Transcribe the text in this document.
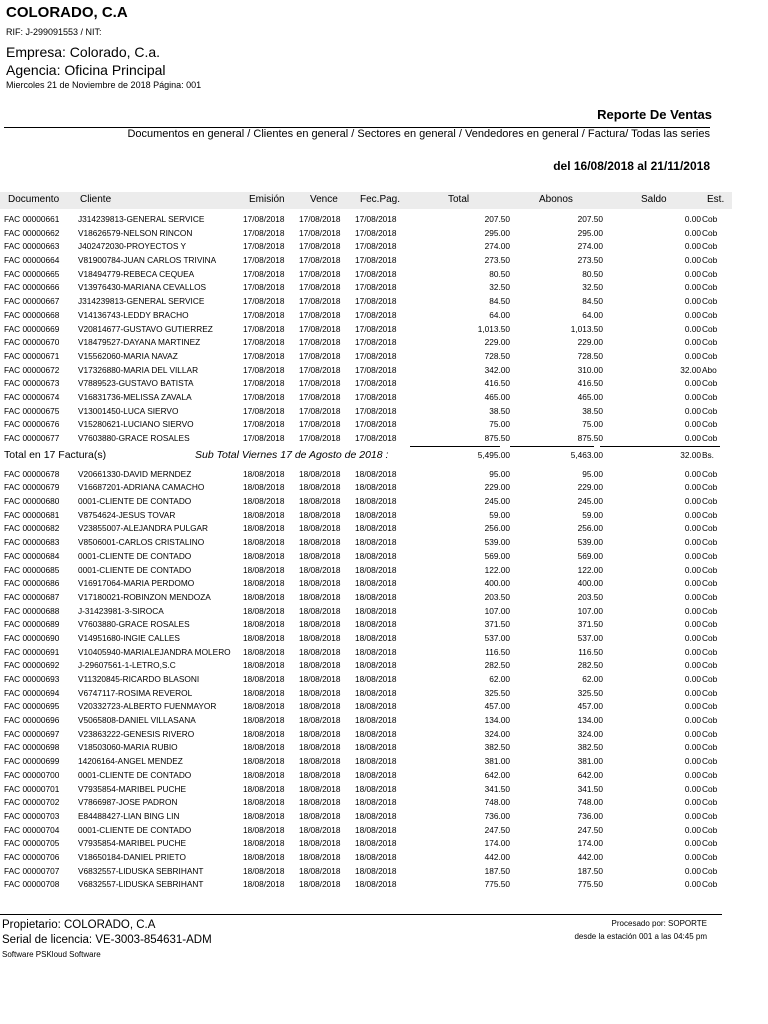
COLORADO, C.A
RIF: J-299091553 / NIT:
Empresa: Colorado, C.a.
Agencia: Oficina Principal
Miercoles 21 de Noviembre de 2018 Página: 001
Reporte De Ventas
Documentos en general / Clientes en general / Sectores en general / Vendedores en general / Factura/ Todas las series
del 16/08/2018 al 21/11/2018
Documento Cliente	Emisión	Vence Fec.Pag.	Total	Abonos	Saldo	Est.
FAC 00000661 J314239813-GENERAL SERVICE	17/08/2018 17/08/2018 17/08/2018	207.50	207.50	0.00 Cob
FAC 00000662 V18626579-NELSON RINCON	17/08/2018 17/08/2018 17/08/2018	295.00	295.00	0.00 Cob
FAC 00000663 J402472030-PROYECTOS Y	17/08/2018 17/08/2018 17/08/2018	274.00	274.00	0.00 Cob
FAC 00000664 V81900784-JUAN CARLOS TRIVINA	17/08/2018 17/08/2018 17/08/2018	273.50	273.50	0.00 Cob
FAC 00000665 V18494779-REBECA CEQUEA	17/08/2018 17/08/2018 17/08/2018	80.50	80.50	0.00 Cob
FAC 00000666 V13976430-MARIANA CEVALLOS	17/08/2018 17/08/2018 17/08/2018	32.50	32.50	0.00 Cob
FAC 00000667 J314239813-GENERAL SERVICE	17/08/2018 17/08/2018 17/08/2018	84.50	84.50	0.00 Cob
FAC 00000668 V14136743-LEDDY BRACHO	17/08/2018 17/08/2018 17/08/2018	64.00	64.00	0.00 Cob
FAC 00000669 V20814677-GUSTAVO GUTIERREZ	17/08/2018 17/08/2018 17/08/2018	1,013.50	1,013.50	0.00 Cob
FAC 00000670 V18479527-DAYANA MARTINEZ	17/08/2018 17/08/2018 17/08/2018	229.00	229.00	0.00 Cob
FAC 00000671 V15562060-MARIA NAVAZ	17/08/2018 17/08/2018 17/08/2018	728.50	728.50	0.00 Cob
FAC 00000672 V17326880-MARIA DEL VILLAR	17/08/2018 17/08/2018 17/08/2018	342.00	310.00	32.00 Abo
FAC 00000673 V7889523-GUSTAVO BATISTA	17/08/2018 17/08/2018 17/08/2018	416.50	416.50	0.00 Cob
FAC 00000674 V16831736-MELISSA ZAVALA	17/08/2018 17/08/2018 17/08/2018	465.00	465.00	0.00 Cob
FAC 00000675 V13001450-LUCA SIERVO	17/08/2018 17/08/2018 17/08/2018	38.50	38.50	0.00 Cob
FAC 00000676 V15280621-LUCIANO SIERVO	17/08/2018 17/08/2018 17/08/2018	75.00	75.00	0.00 Cob
FAC 00000677 V7603880-GRACE ROSALES	17/08/2018 17/08/2018 17/08/2018	875.50	875.50	0.00 Cob
Total en 17 Factura(s)	Sub Total Viernes 17 de Agosto de 2018 :	5,495.00	5,463.00	32.00 Bs.
FAC 00000678 V20661330-DAVID MERNDEZ	18/08/2018 18/08/2018 18/08/2018	95.00	95.00	0.00 Cob
FAC 00000679 V16687201-ADRIANA CAMACHO	18/08/2018 18/08/2018 18/08/2018	229.00	229.00	0.00 Cob
FAC 00000680 0001-CLIENTE DE CONTADO	18/08/2018 18/08/2018 18/08/2018	245.00	245.00	0.00 Cob
FAC 00000681 V8754624-JESUS TOVAR	18/08/2018 18/08/2018 18/08/2018	59.00	59.00	0.00 Cob
FAC 00000682 V23855007-ALEJANDRA PULGAR	18/08/2018 18/08/2018 18/08/2018	256.00	256.00	0.00 Cob
FAC 00000683 V8506001-CARLOS CRISTALINO	18/08/2018 18/08/2018 18/08/2018	539.00	539.00	0.00 Cob
FAC 00000684 0001-CLIENTE DE CONTADO	18/08/2018 18/08/2018 18/08/2018	569.00	569.00	0.00 Cob
FAC 00000685 0001-CLIENTE DE CONTADO	18/08/2018 18/08/2018 18/08/2018	122.00	122.00	0.00 Cob
FAC 00000686 V16917064-MARIA PERDOMO	18/08/2018 18/08/2018 18/08/2018	400.00	400.00	0.00 Cob
FAC 00000687 V17180021-ROBINZON MENDOZA	18/08/2018 18/08/2018 18/08/2018	203.50	203.50	0.00 Cob
FAC 00000688 J-31423981-3-SIROCA	18/08/2018 18/08/2018 18/08/2018	107.00	107.00	0.00 Cob
FAC 00000689 V7603880-GRACE ROSALES	18/08/2018 18/08/2018 18/08/2018	371.50	371.50	0.00 Cob
FAC 00000690 V14951680-INGIE CALLES	18/08/2018 18/08/2018 18/08/2018	537.00	537.00	0.00 Cob
FAC 00000691 V10405940-MARIALEJANDRA MOLERO	18/08/2018 18/08/2018 18/08/2018	116.50	116.50	0.00 Cob
FAC 00000692 J-29607561-1-LETRO,S.C	18/08/2018 18/08/2018 18/08/2018	282.50	282.50	0.00 Cob
FAC 00000693 V11320845-RICARDO BLASONI	18/08/2018 18/08/2018 18/08/2018	62.00	62.00	0.00 Cob
FAC 00000694 V6747117-ROSIMA REVEROL	18/08/2018 18/08/2018 18/08/2018	325.50	325.50	0.00 Cob
FAC 00000695 V20332723-ALBERTO FUENMAYOR	18/08/2018 18/08/2018 18/08/2018	457.00	457.00	0.00 Cob
FAC 00000696 V5065808-DANIEL VILLASANA	18/08/2018 18/08/2018 18/08/2018	134.00	134.00	0.00 Cob
FAC 00000697 V23863222-GENESIS RIVERO	18/08/2018 18/08/2018 18/08/2018	324.00	324.00	0.00 Cob
FAC 00000698 V18503060-MARIA RUBIO	18/08/2018 18/08/2018 18/08/2018	382.50	382.50	0.00 Cob
FAC 00000699 14206164-ANGEL MENDEZ	18/08/2018 18/08/2018 18/08/2018	381.00	381.00	0.00 Cob
FAC 00000700 0001-CLIENTE DE CONTADO	18/08/2018 18/08/2018 18/08/2018	642.00	642.00	0.00 Cob
FAC 00000701 V7935854-MARIBEL PUCHE	18/08/2018 18/08/2018 18/08/2018	341.50	341.50	0.00 Cob
FAC 00000702 V7866987-JOSE PADRON	18/08/2018 18/08/2018 18/08/2018	748.00	748.00	0.00 Cob
FAC 00000703 E84488427-LIAN BING LIN	18/08/2018 18/08/2018 18/08/2018	736.00	736.00	0.00 Cob
FAC 00000704 0001-CLIENTE DE CONTADO	18/08/2018 18/08/2018 18/08/2018	247.50	247.50	0.00 Cob
FAC 00000705 V7935854-MARIBEL PUCHE	18/08/2018 18/08/2018 18/08/2018	174.00	174.00	0.00 Cob
FAC 00000706 V18650184-DANIEL PRIETO	18/08/2018 18/08/2018 18/08/2018	442.00	442.00	0.00 Cob
FAC 00000707 V6832557-LIDUSKA SEBRIHANT	18/08/2018 18/08/2018 18/08/2018	187.50	187.50	0.00 Cob
FAC 00000708 V6832557-LIDUSKA SEBRIHANT	18/08/2018 18/08/2018 18/08/2018	775.50	775.50	0.00 Cob
Propietario: COLORADO, C.A
Serial de licencia: VE-3003-854631-ADM
Software PSKloud Software
Procesado por: SOPORTE
desde la estación 001 a las 04:45 pm
